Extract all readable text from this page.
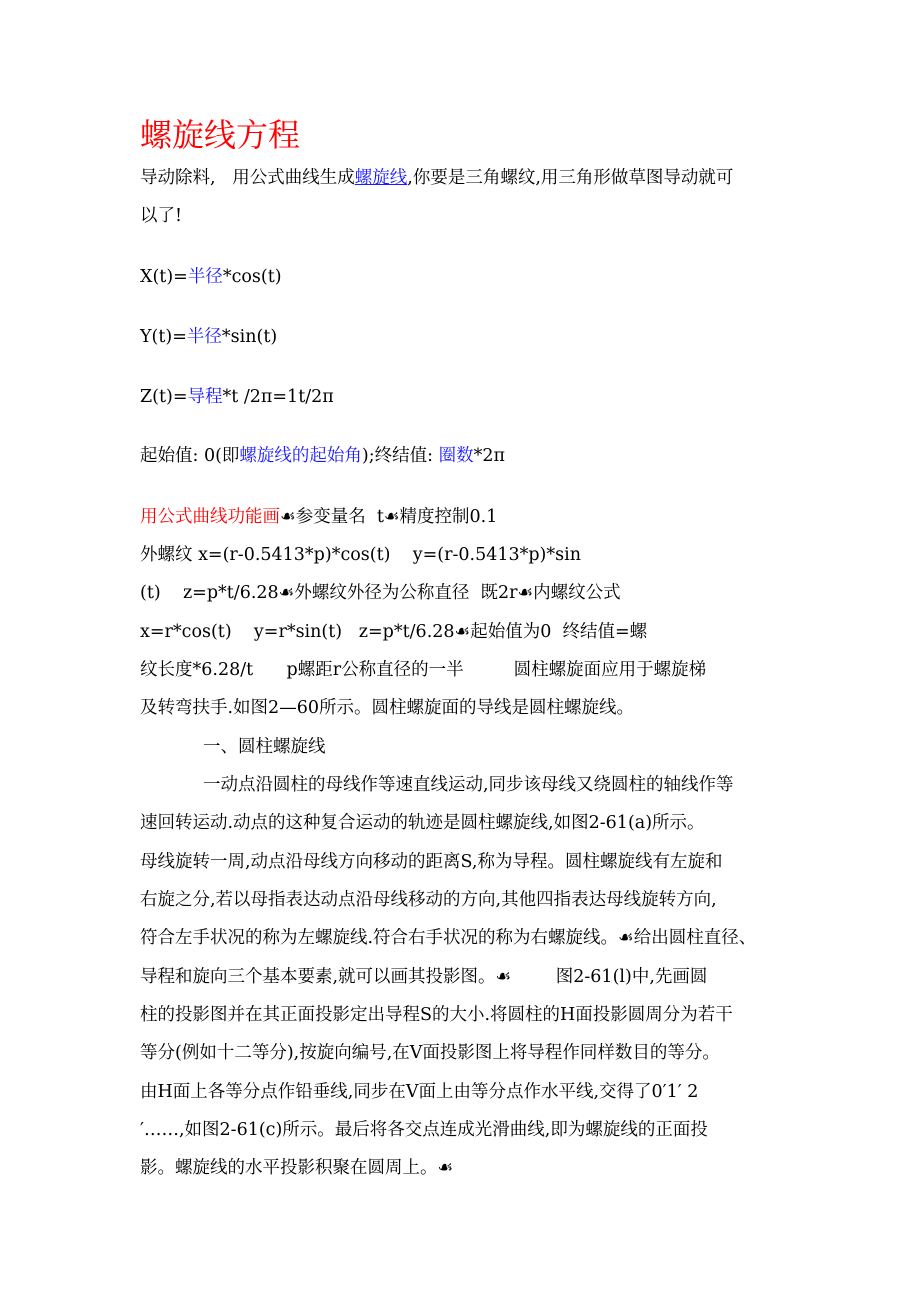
螺旋线方程
导动除料,   用公式曲线生成螺旋线,你要是三角螺纹,用三角形做草图导动就可
以了!
X(t)=半径*cos(t)
Y(t)=半径*sin(t)
Z(t)=导程*t /2π=1t/2π
起始值: 0(即螺旋线的起始角);终结值: 圈数*2π
用公式曲线功能画☙参变量名  t☙精度控制0.1
外螺纹 x=(r-0.5413*p)*cos(t)    y=(r-0.5413*p)*sin
(t)    z=p*t/6.28☙外螺纹外径为公称直径  既2r☙内螺纹公式
x=r*cos(t)    y=r*sin(t)   z=p*t/6.28☙起始值为0  终结值=螺
纹长度*6.28/t      p螺距r公称直径的一半         圆柱螺旋面应用于螺旋梯
及转弯扶手.如图2—60所示。圆柱螺旋面的导线是圆柱螺旋线。
一、圆柱螺旋线
一动点沿圆柱的母线作等速直线运动,同步该母线又绕圆柱的轴线作等
速回转运动.动点的这种复合运动的轨迹是圆柱螺旋线,如图2-61(a)所示。
母线旋转一周,动点沿母线方向移动的距离S,称为导程。圆柱螺旋线有左旋和
右旋之分,若以母指表达动点沿母线移动的方向,其他四指表达母线旋转方向,
符合左手状况的称为左螺旋线.符合右手状况的称为右螺旋线。☙给出圆柱直径、
导程和旋向三个基本要素,就可以画其投影图。☙        图2-61(l)中,先画圆
柱的投影图并在其正面投影定出导程S的大小.将圆柱的H面投影圆周分为若干
等分(例如十二等分),按旋向编号,在V面投影图上将导程作同样数目的等分。
由H面上各等分点作铅垂线,同步在V面上由等分点作水平线,交得了0′1′ 2
′……,如图2-61(c)所示。最后将各交点连成光滑曲线,即为螺旋线的正面投
影。螺旋线的水平投影积聚在圆周上。☙
